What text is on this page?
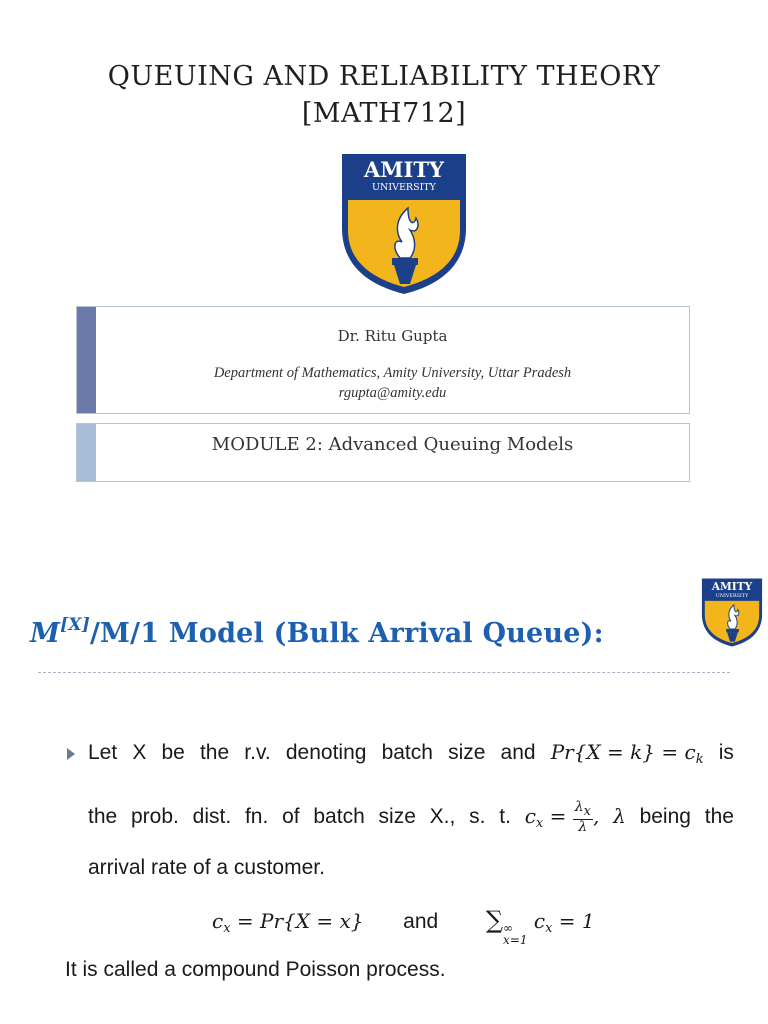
QUEUING AND RELIABILITY THEORY
[MATH712]
AMITY
UNIVERSITY
Dr. Ritu Gupta
Department of Mathematics, Amity University, Uttar Pradesh
rgupta@amity.edu
MODULE 2: Advanced Queuing Models
AMITY
UNIVERSITY
M[X]/M/1 Model (Bulk Arrival Queue):
Let X be the r.v. denoting batch size and $Pr\{X = k\} = c_k$ is
the prob. dist. fn. of batch size X., s. t. $c_x = \frac{\lambda x}{\lambda}$ , λ being the
arrival rate of a customer.
$c_x = Pr\{X = x\}$ and ∑ ∞
x=1
$c_x = 1$
It is called a compound Poisson process.
